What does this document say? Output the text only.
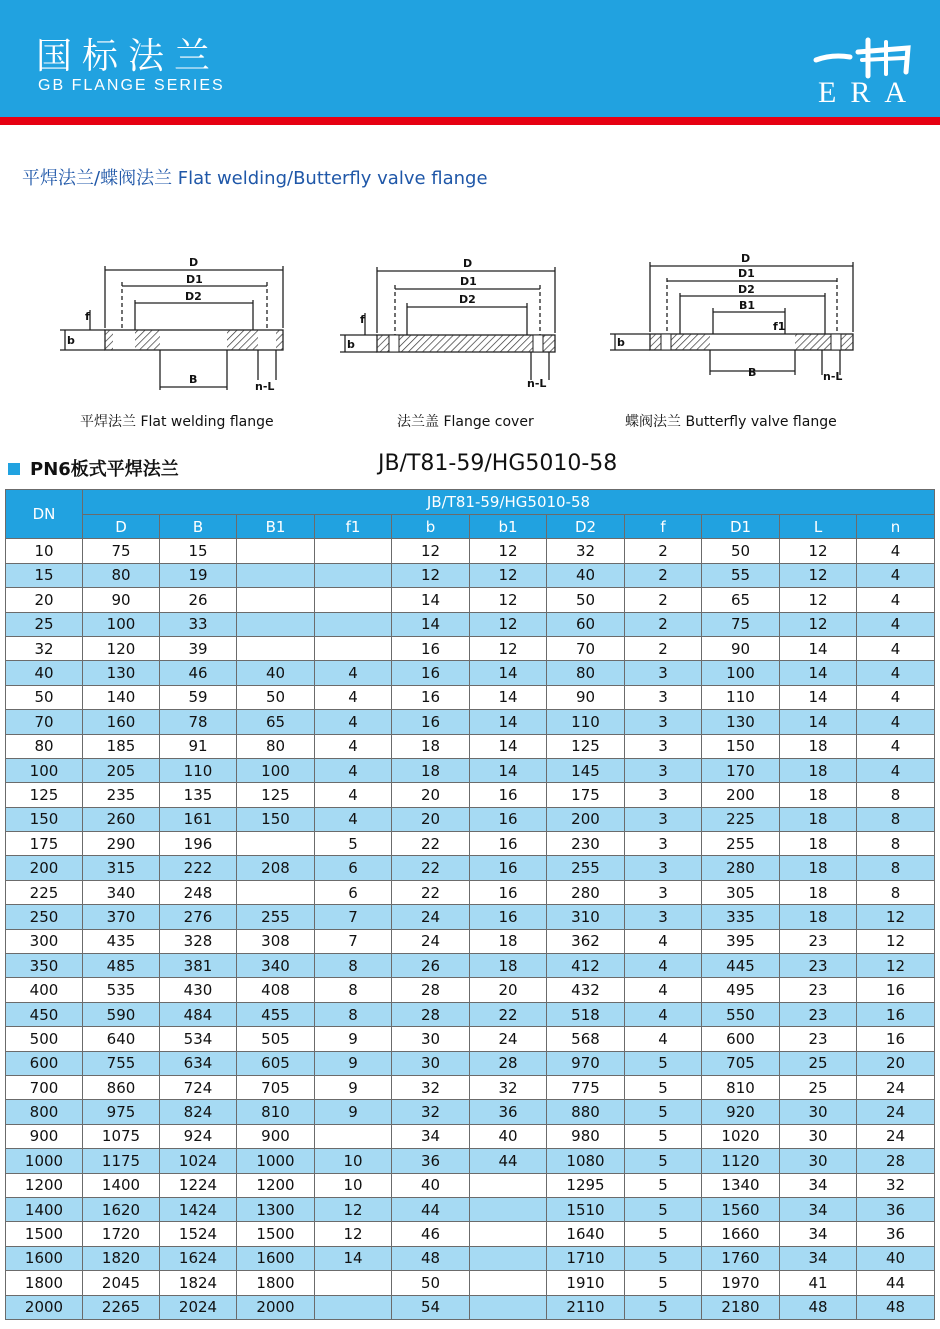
国标法兰
GB FLANGE SERIES	ERA
平焊法兰/蝶阀法兰 Flat welding/Butterfly valve flange
D
D1
D2
B
n-L
f
b
平焊法兰 Flat welding flange
D
D1
D2
n-L
f
b
法兰盖 Flange cover
D
D1
D2
B1
f1
B	n-L
b
蝶阀法兰 Butterfly valve flange
PN6板式平焊法兰	JB/T81-59/HG5010-58
DN	JB/T81-59/HG5010-58										
	D	B	B1	f1	b	b1	D2	f	D1	L	n
10	75	15			12	12	32	2	50	12	4
15	80	19			12	12	40	2	55	12	4
20	90	26			14	12	50	2	65	12	4
25	100	33			14	12	60	2	75	12	4
32	120	39			16	12	70	2	90	14	4
40	130	46	40	4	16	14	80	3	100	14	4
50	140	59	50	4	16	14	90	3	110	14	4
70	160	78	65	4	16	14	110	3	130	14	4
80	185	91	80	4	18	14	125	3	150	18	4
100	205	110	100	4	18	14	145	3	170	18	4
125	235	135	125	4	20	16	175	3	200	18	8
150	260	161	150	4	20	16	200	3	225	18	8
175	290	196		5	22	16	230	3	255	18	8
200	315	222	208	6	22	16	255	3	280	18	8
225	340	248		6	22	16	280	3	305	18	8
250	370	276	255	7	24	16	310	3	335	18	12
300	435	328	308	7	24	18	362	4	395	23	12
350	485	381	340	8	26	18	412	4	445	23	12
400	535	430	408	8	28	20	432	4	495	23	16
450	590	484	455	8	28	22	518	4	550	23	16
500	640	534	505	9	30	24	568	4	600	23	16
600	755	634	605	9	30	28	970	5	705	25	20
700	860	724	705	9	32	32	775	5	810	25	24
800	975	824	810	9	32	36	880	5	920	30	24
900	1075	924	900		34	40	980	5	1020	30	24
1000	1175	1024	1000	10	36	44	1080	5	1120	30	28
1200	1400	1224	1200	10	40		1295	5	1340	34	32
1400	1620	1424	1300	12	44		1510	5	1560	34	36
1500	1720	1524	1500	12	46		1640	5	1660	34	36
1600	1820	1624	1600	14	48		1710	5	1760	34	40
1800	2045	1824	1800		50		1910	5	1970	41	44
2000	2265	2024	2000		54		2110	5	2180	48	48
